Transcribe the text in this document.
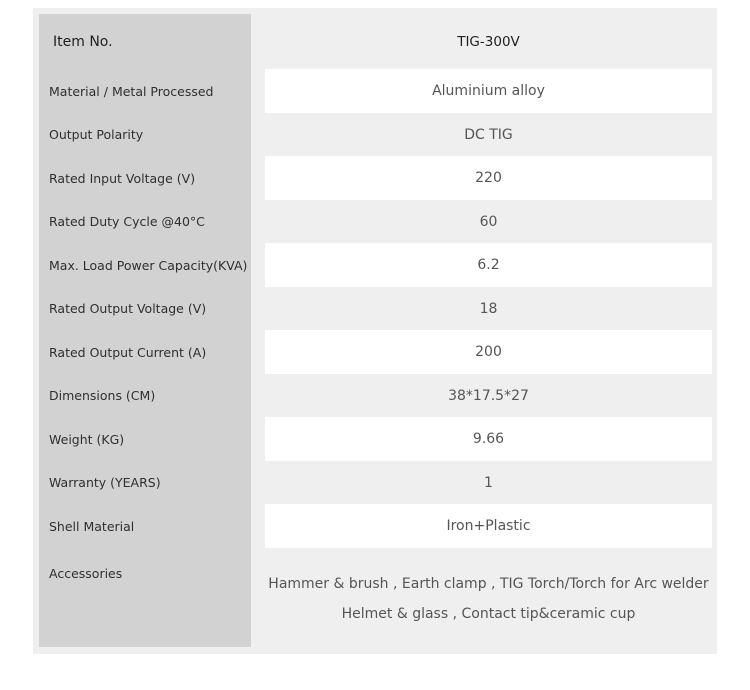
Item No.	TIG-300V
Material / Metal Processed	Aluminium alloy
Output Polarity	DC TIG
Rated Input Voltage (V)	220
Rated Duty Cycle @40°C	60
Max. Load Power Capacity(KVA)	6.2
Rated Output Voltage (V)	18
Rated Output Current (A)	200
Dimensions (CM)	38*17.5*27
Weight (KG)	9.66
Warranty (YEARS)	1
Shell Material	Iron+Plastic
Accessories	Hammer & brush , Earth clamp , TIG Torch/Torch for Arc welder
Helmet & glass , Contact tip&ceramic cup
